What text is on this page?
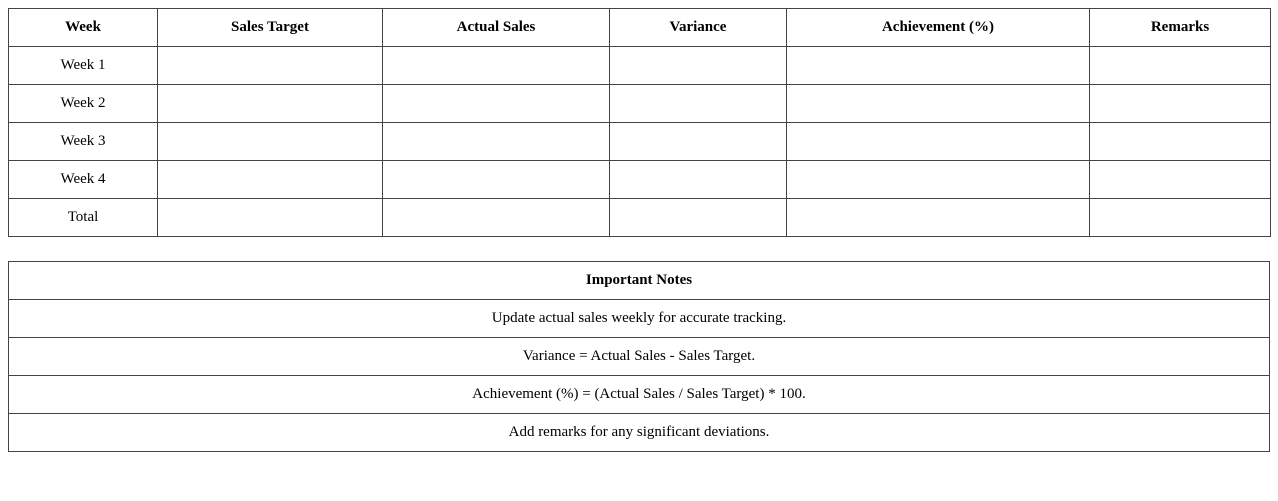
Week	Sales Target	Actual Sales	Variance	Achievement (%)	Remarks
Week 1					
Week 2					
Week 3					
Week 4					
Total					
Important Notes
Update actual sales weekly for accurate tracking.
Variance = Actual Sales - Sales Target.
Achievement (%) = (Actual Sales / Sales Target) * 100.
Add remarks for any significant deviations.
